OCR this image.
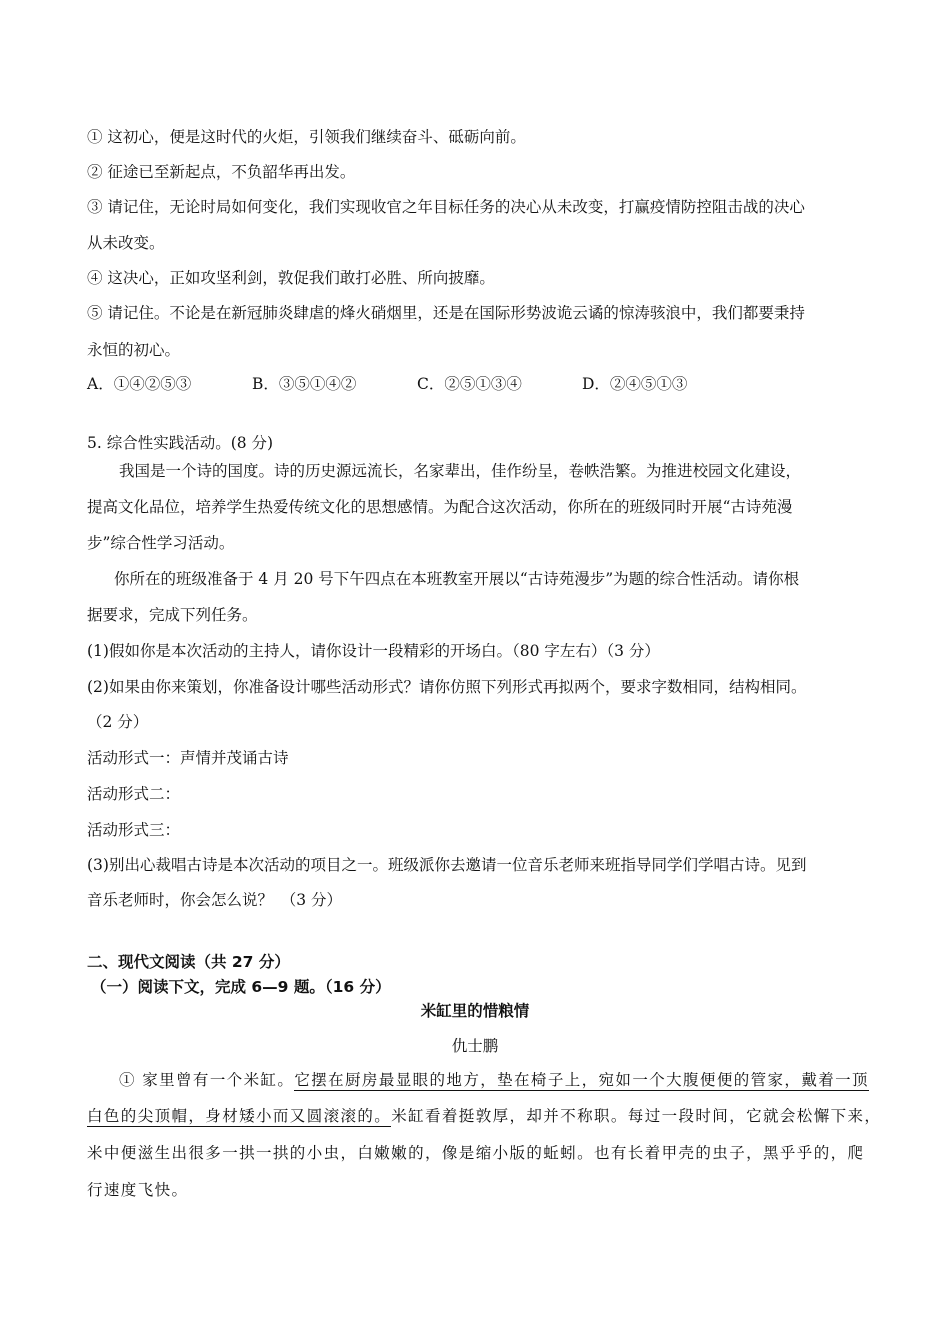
① 这初心，便是这时代的火炬，引领我们继续奋斗、砥砺向前。
② 征途已至新起点，不负韶华再出发。
③ 请记住，无论时局如何变化，我们实现收官之年目标任务的决心从未改变，打赢疫情防控阻击战的决心
从未改变。
④ 这决心，正如攻坚利剑，敦促我们敢打必胜、所向披靡。
⑤ 请记住。不论是在新冠肺炎肆虐的烽火硝烟里，还是在国际形势波诡云谲的惊涛骇浪中，我们都要秉持
永恒的初心。
A．①④②⑤③	B．③⑤①④②	C．②⑤①③④	D．②④⑤①③
5. 综合性实践活动。(8 分)
我国是一个诗的国度。诗的历史源远流长，名家辈出，佳作纷呈，卷帙浩繁。为推进校园文化建设，
提高文化品位，培养学生热爱传统文化的思想感情。为配合这次活动，你所在的班级同时开展“古诗苑漫
步”综合性学习活动。
你所在的班级准备于 4 月 20 号下午四点在本班教室开展以“古诗苑漫步”为题的综合性活动。请你根
据要求，完成下列任务。
(1)假如你是本次活动的主持人，请你设计一段精彩的开场白。（80 字左右）（3 分）
(2)如果由你来策划，你准备设计哪些活动形式？请你仿照下列形式再拟两个，要求字数相同，结构相同。
（2 分）
活动形式一：声情并茂诵古诗
活动形式二：
活动形式三：
(3)别出心裁唱古诗是本次活动的项目之一。班级派你去邀请一位音乐老师来班指导同学们学唱古诗。见到
音乐老师时，你会怎么说？　（3 分）
二、现代文阅读（共 27 分）
（一）阅读下文，完成 6—9 题。（16 分）
米缸里的惜粮情
仇士鹏
① 家里曾有一个米缸。它摆在厨房最显眼的地方，垫在椅子上，宛如一个大腹便便的管家，戴着一顶
白色的尖顶帽，身材矮小而又圆滚滚的。米缸看着挺敦厚，却并不称职。每过一段时间，它就会松懈下来，
米中便滋生出很多一拱一拱的小虫，白嫩嫩的，像是缩小版的蚯蚓。也有长着甲壳的虫子，黑乎乎的，爬
行速度飞快。
